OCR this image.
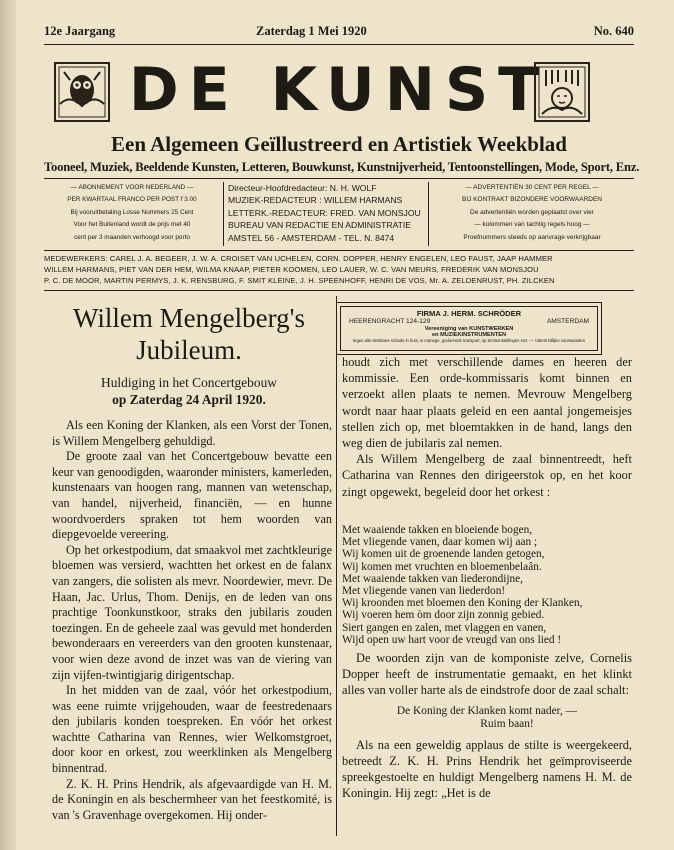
12e Jaargang	Zaterdag 1 Mei 1920	No. 640
DE KUNST
Een Algemeen Geïllustreerd en Artistiek Weekblad
Tooneel, Muziek, Beeldende Kunsten, Letteren, Bouwkunst, Kunstnijverheid, Tentoonstellingen, Mode, Sport, Enz.
— ABONNEMENT VOOR NEDERLAND —
PER KWARTAAL FRANCO PER POST f 3.00
Bij vooruitbetaling Losse Nummers 25 Cent
Voor het Buitenland wordt de prijs met 40
cent per 3 maanden verhoogd voor porto
Directeur-Hoofdredacteur: N. H. WOLF
MUZIEK-REDACTEUR : WILLEM HARMANS
LETTERK.-REDACTEUR: FRED. VAN MONSJOU
BUREAU VAN REDACTIE EN ADMINISTRATIE
AMSTEL 56 - AMSTERDAM - TEL. N. 8474
— ADVERTENTIËN 30 CENT PER REGEL —
BIJ KONTRAKT BIZONDERE VOORWAARDEN
De advertentiën worden geplaatst over vier
— kolommen van tachtig regels hoog —
Proefnummers steeds op aanvrage verkrijgbaar
MEDEWERKERS: CAREL J. A. BEGEER, J. W. A. CROISET VAN UCHELEN, CORN. DOPPER, HENRY ENGELEN, LEO FAUST, JAAP HAMMER
WILLEM HARMANS, PIET VAN DER HEM, WILMA KNAAP, PIETER KOOMEN, LEO LAUER, W. C. VAN MEURS, FREDERIK VAN MONSJOU
P. C. DE MOOR, MARTIN PERMYS, J. K. RENSBURG, F. SMIT KLEINE, J. H. SPEENHOFF, HENRI DE VOS, Mr. A. ZELDENRUST, PH. ZILCKEN
Willem Mengelberg's
Jubileum.
Huldiging in het Concertgebouw
op Zaterdag 24 April 1920.

Als een Koning der Klanken, als een Vorst der Tonen, is Willem Mengelberg gehuldigd.

De groote zaal van het Concertgebouw bevatte een keur van genoodigden, waaronder ministers, kamerleden, kunstenaars van hoogen rang, mannen van wetenschap, van handel, nijverheid, financiën, — en hunne woordvoerders spraken tot hem woorden van diepgevoelde vereering.

Op het orkestpodium, dat smaakvol met zachtkleurige bloemen was versierd, wachtten het orkest en de falanx van zangers, die solisten als mevr. Noordewier, mevr. De Haan, Jac. Urlus, Thom. Denijs, en de leden van ons prachtige Toonkunstkoor, straks den jubilaris zouden toezingen. En de geheele zaal was gevuld met honderden bewonderaars en vereerders van den grooten kunstenaar, voor wien deze avond de inzet was van de viering van zijn vijfen-twintigjarig dirigentschap.

In het midden van de zaal, vóór het orkestpodium, was eene ruimte vrijgehouden, waar de feestredenaars den jubilaris konden toespreken. En vóór het orkest wachtte Catharina van Rennes, wier Welkomstgroet, door koor en orkest, zou weerklinken als Mengelberg binnentrad.

Z. K. H. Prins Hendrik, als afgevaardigde van H. M. de Koningin en als beschermheer van het feestkomité, is van 's Gravenhage overgekomen. Hij onder-

FIRMA J. HERM. SCHRÖDER
HEERENGRACHT 124-129	AMSTERDAM
Vereeniging van KUNSTWERKEN
en MUZIEKINSTRUMENTEN
tegen alle denkbare schade in huis, in manege, gedurende transport, op tentoonstellingen enz. — Uiterst billijke voorwaarden

houdt zich met verschillende dames en heeren der kommissie. Een orde-kommissaris komt binnen en verzoekt allen plaats te nemen. Mevrouw Mengelberg wordt naar haar plaats geleid en een aantal jongemeisjes stellen zich op, met bloemtakken in de hand, langs den weg dien de jubilaris zal nemen.

Als Willem Mengelberg de zaal binnentreedt, heft Catharina van Rennes den dirigeerstok op, en het koor zingt opgewekt, begeleid door het orkest :

Met waaiende takken en bloeiende bogen,
Met vliegende vanen, daar komen wij aan ;
Wij komen uit de groenende landen getogen,
Wij komen met vruchten en bloemenbelaân.
Met waaiende takken van liederondijne,
Met vliegende vanen van liederdon!
Wij kroonden met bloemen den Koning der Klanken,
Wij voeren hem òm door zijn zonnig gebied.
Siert gangen en zalen, met vlaggen en vanen,
Wijd open uw hart voor de vreugd van ons lied !

De woorden zijn van de komponiste zelve, Cornelis Dopper heeft de instrumentatie gemaakt, en het klinkt alles van voller harte als de eindstrofe door de zaal schalt:

De Koning der Klanken komt nader, —
Ruim baan!

Als na een geweldig applaus de stilte is weergekeerd, betreedt Z. K. H. Prins Hendrik het geïmproviseerde spreekgestoelte en huldigt Mengelberg namens H. M. de Koningin. Hij zegt: „Het is de
